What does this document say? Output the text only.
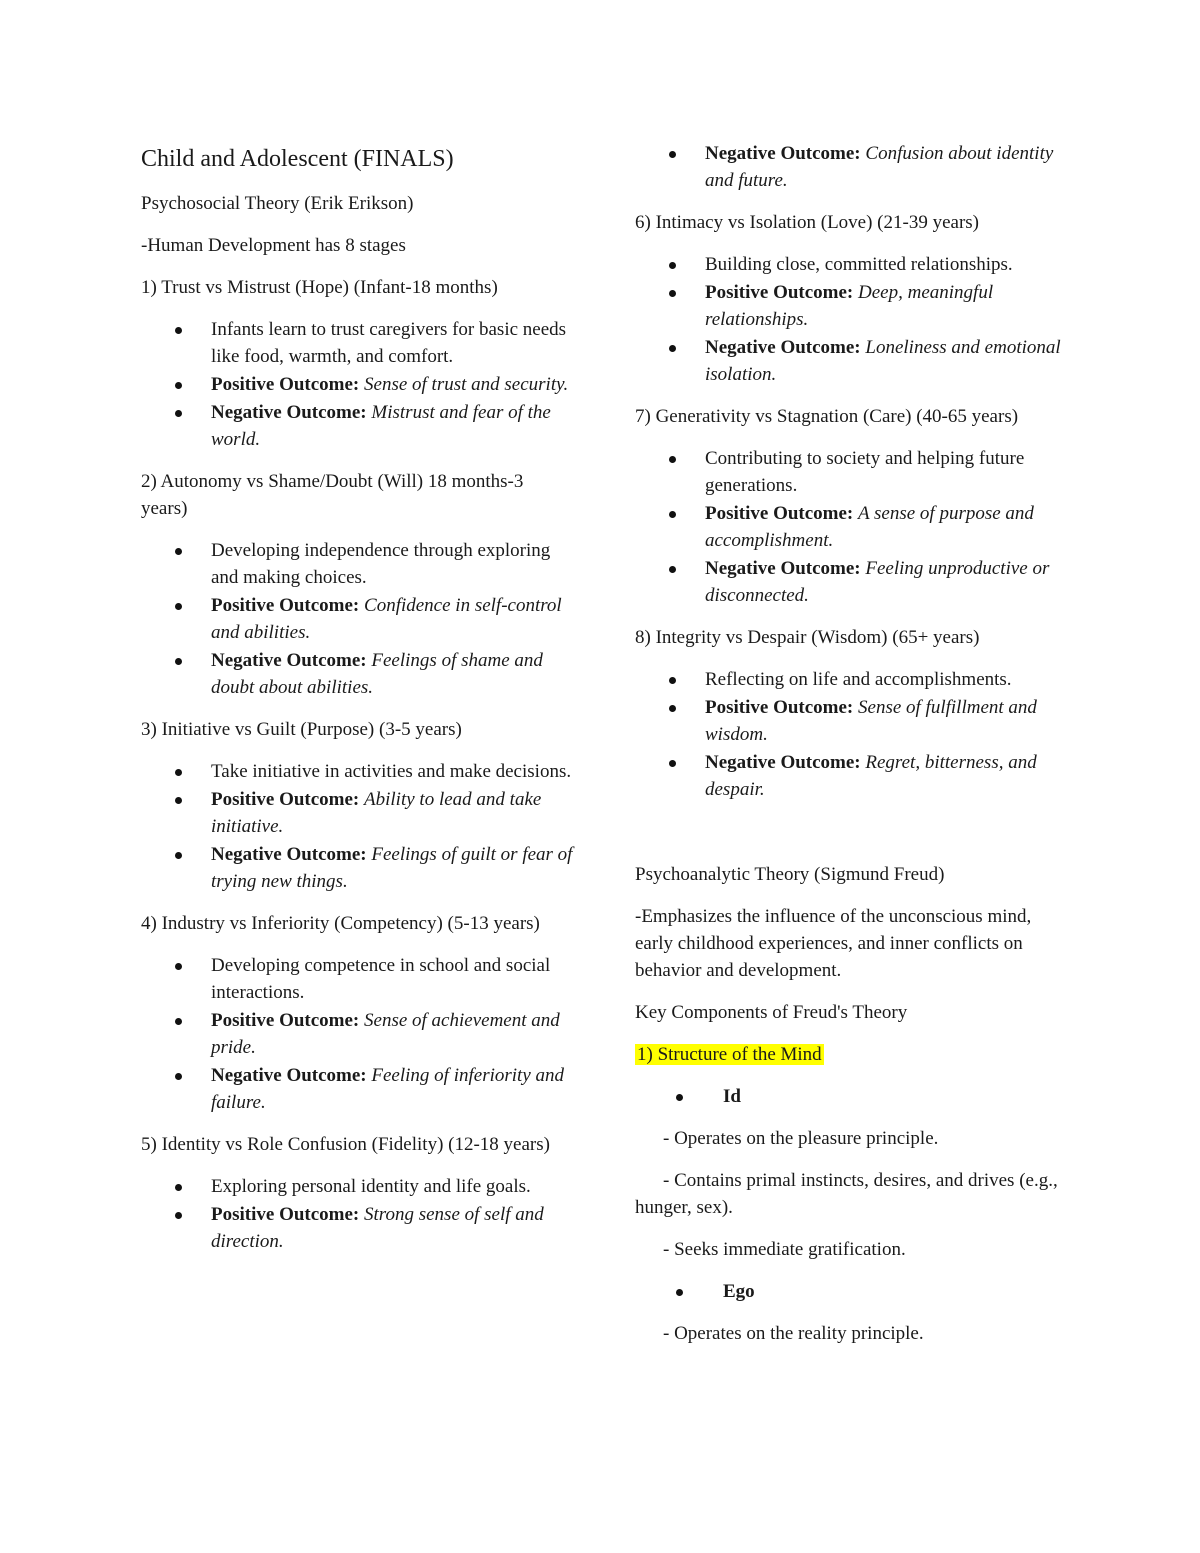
Child and Adolescent (FINALS)

Psychosocial Theory (Erik Erikson)

-Human Development has 8 stages

1) Trust vs Mistrust (Hope) (Infant-18 months)

Infants learn to trust caregivers for basic needs like food, warmth, and comfort.
Positive Outcome: Sense of trust and security.
Negative Outcome: Mistrust and fear of the world.

2) Autonomy vs Shame/Doubt (Will) 18 months-3 years)

Developing independence through exploring and making choices.
Positive Outcome: Confidence in self-control and abilities.
Negative Outcome: Feelings of shame and doubt about abilities.

3) Initiative vs Guilt (Purpose) (3-5 years)

Take initiative in activities and make decisions.
Positive Outcome: Ability to lead and take initiative.
Negative Outcome: Feelings of guilt or fear of trying new things.

4) Industry vs Inferiority (Competency) (5-13 years)

Developing competence in school and social interactions.
Positive Outcome: Sense of achievement and pride.
Negative Outcome: Feeling of inferiority and failure.

5) Identity vs Role Confusion (Fidelity) (12-18 years)

Exploring personal identity and life goals.
Positive Outcome: Strong sense of self and direction.
Negative Outcome: Confusion about identity and future.

6) Intimacy vs Isolation (Love) (21-39 years)

Building close, committed relationships.
Positive Outcome: Deep, meaningful relationships.
Negative Outcome: Loneliness and emotional isolation.

7) Generativity vs Stagnation (Care) (40-65 years)

Contributing to society and helping future generations.
Positive Outcome: A sense of purpose and accomplishment.
Negative Outcome: Feeling unproductive or disconnected.

8) Integrity vs Despair (Wisdom) (65+ years)

Reflecting on life and accomplishments.
Positive Outcome: Sense of fulfillment and wisdom.
Negative Outcome: Regret, bitterness, and despair.

Psychoanalytic Theory (Sigmund Freud)

-Emphasizes the influence of the unconscious mind, early childhood experiences, and inner conflicts on behavior and development.

Key Components of Freud's Theory

1) Structure of the Mind

Id

- Operates on the pleasure principle.

- Contains primal instincts, desires, and drives (e.g., hunger, sex).

- Seeks immediate gratification.

Ego

- Operates on the reality principle.
